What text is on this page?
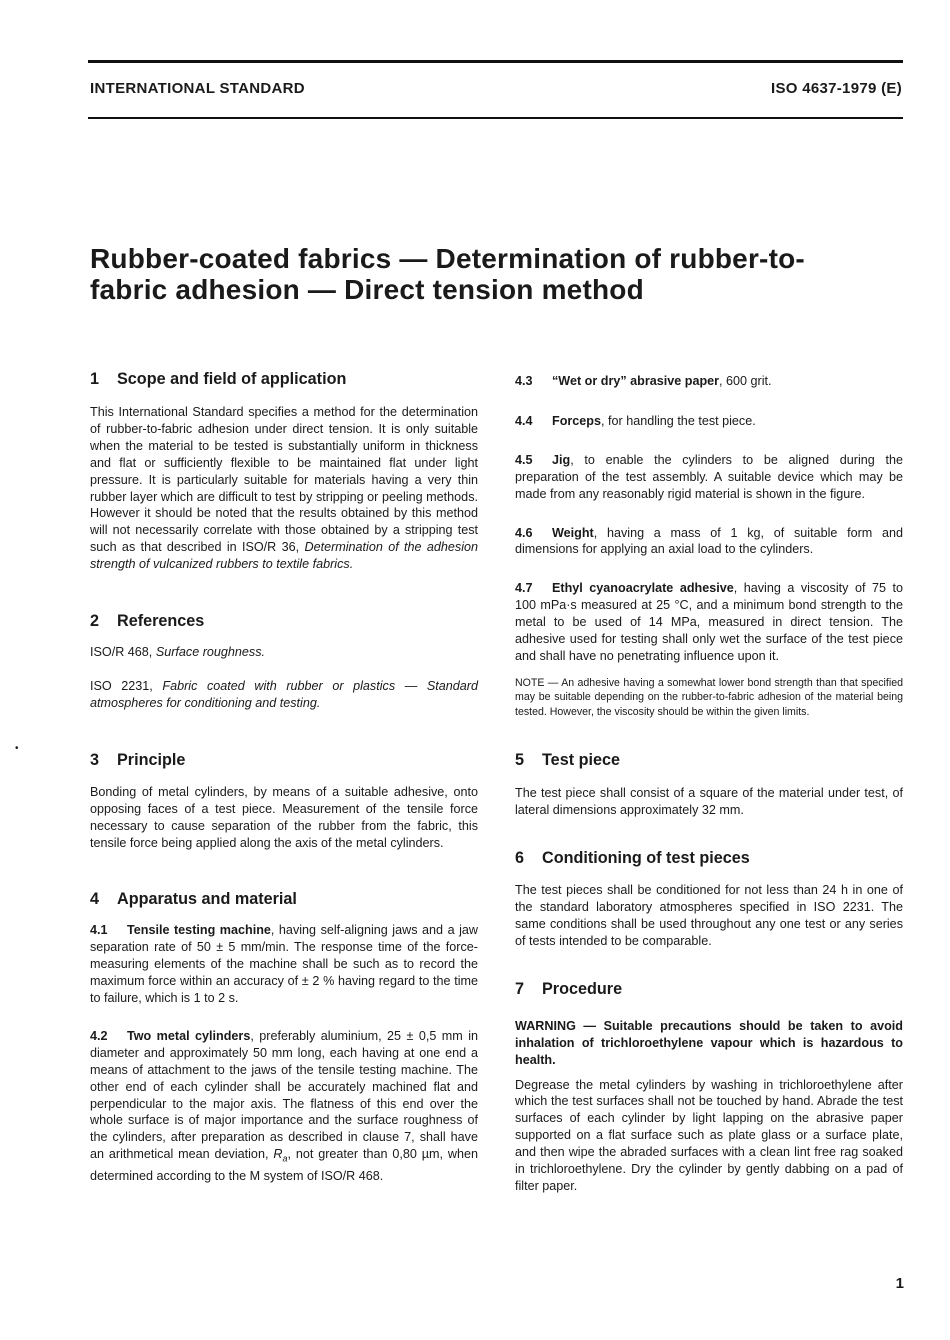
INTERNATIONAL STANDARD	ISO 4637-1979 (E)
Rubber-coated fabrics — Determination of rubber-to-
fabric adhesion — Direct tension method
•
1 Scope and field of application

This International Standard specifies a method for the determination of rubber-to-fabric adhesion under direct tension. It is only suitable when the material to be tested is substantially uniform in thickness and flat or sufficiently flexible to be maintained flat under light pressure. It is particularly suitable for materials having a very thin rubber layer which are difficult to test by stripping or peeling methods. However it should be noted that the results obtained by this method will not necessarily correlate with those obtained by a stripping test such as that described in ISO/R 36, Determination of the adhesion strength of vulcanized rubbers to textile fabrics.

2 References

ISO/R 468, Surface roughness.

ISO 2231, Fabric coated with rubber or plastics — Standard atmospheres for conditioning and testing.

3 Principle

Bonding of metal cylinders, by means of a suitable adhesive, onto opposing faces of a test piece. Measurement of the tensile force necessary to cause separation of the rubber from the fabric, this tensile force being applied along the axis of the metal cylinders.

4 Apparatus and material

4.1 Tensile testing machine, having self-aligning jaws and a jaw separation rate of 50 ± 5 mm/min. The response time of the force-measuring elements of the machine shall be such as to record the maximum force within an accuracy of ± 2 % having regard to the time to failure, which is 1 to 2 s.

4.2 Two metal cylinders, preferably aluminium, 25 ± 0,5 mm in diameter and approximately 50 mm long, each having at one end a means of attachment to the jaws of the tensile testing machine. The other end of each cylinder shall be accurately machined flat and perpendicular to the major axis. The flatness of this end over the whole surface is of major importance and the surface roughness of the cylinders, after preparation as described in clause 7, shall have an arithmetical mean deviation, $R_a$, not greater than 0,80 µm, when determined according to the M system of ISO/R 468.

4.3 “Wet or dry” abrasive paper, 600 grit.

4.4 Forceps, for handling the test piece.

4.5 Jig, to enable the cylinders to be aligned during the preparation of the test assembly. A suitable device which may be made from any reasonably rigid material is shown in the figure.

4.6 Weight, having a mass of 1 kg, of suitable form and dimensions for applying an axial load to the cylinders.

4.7 Ethyl cyanoacrylate adhesive, having a viscosity of 75 to 100 mPa·s measured at 25 °C, and a minimum bond strength to the metal to be used of 14 MPa, measured in direct tension. The adhesive used for testing shall only wet the surface of the test piece and shall have no penetrating influence upon it.

NOTE — An adhesive having a somewhat lower bond strength than that specified may be suitable depending on the rubber-to-fabric adhesion of the material being tested. However, the viscosity should be within the given limits.

5 Test piece

The test piece shall consist of a square of the material under test, of lateral dimensions approximately 32 mm.

6 Conditioning of test pieces

The test pieces shall be conditioned for not less than 24 h in one of the standard laboratory atmospheres specified in ISO 2231. The same conditions shall be used throughout any one test or any series of tests intended to be comparable.

7 Procedure

WARNING — Suitable precautions should be taken to avoid inhalation of trichloroethylene vapour which is hazardous to health.

Degrease the metal cylinders by washing in trichloroethylene after which the test surfaces shall not be touched by hand. Abrade the test surfaces of each cylinder by light lapping on the abrasive paper supported on a flat surface such as plate glass or a surface plate, and then wipe the abraded surfaces with a clean lint free rag soaked in trichloroethylene. Dry the cylinder by gently dabbing on a pad of filter paper.

1
